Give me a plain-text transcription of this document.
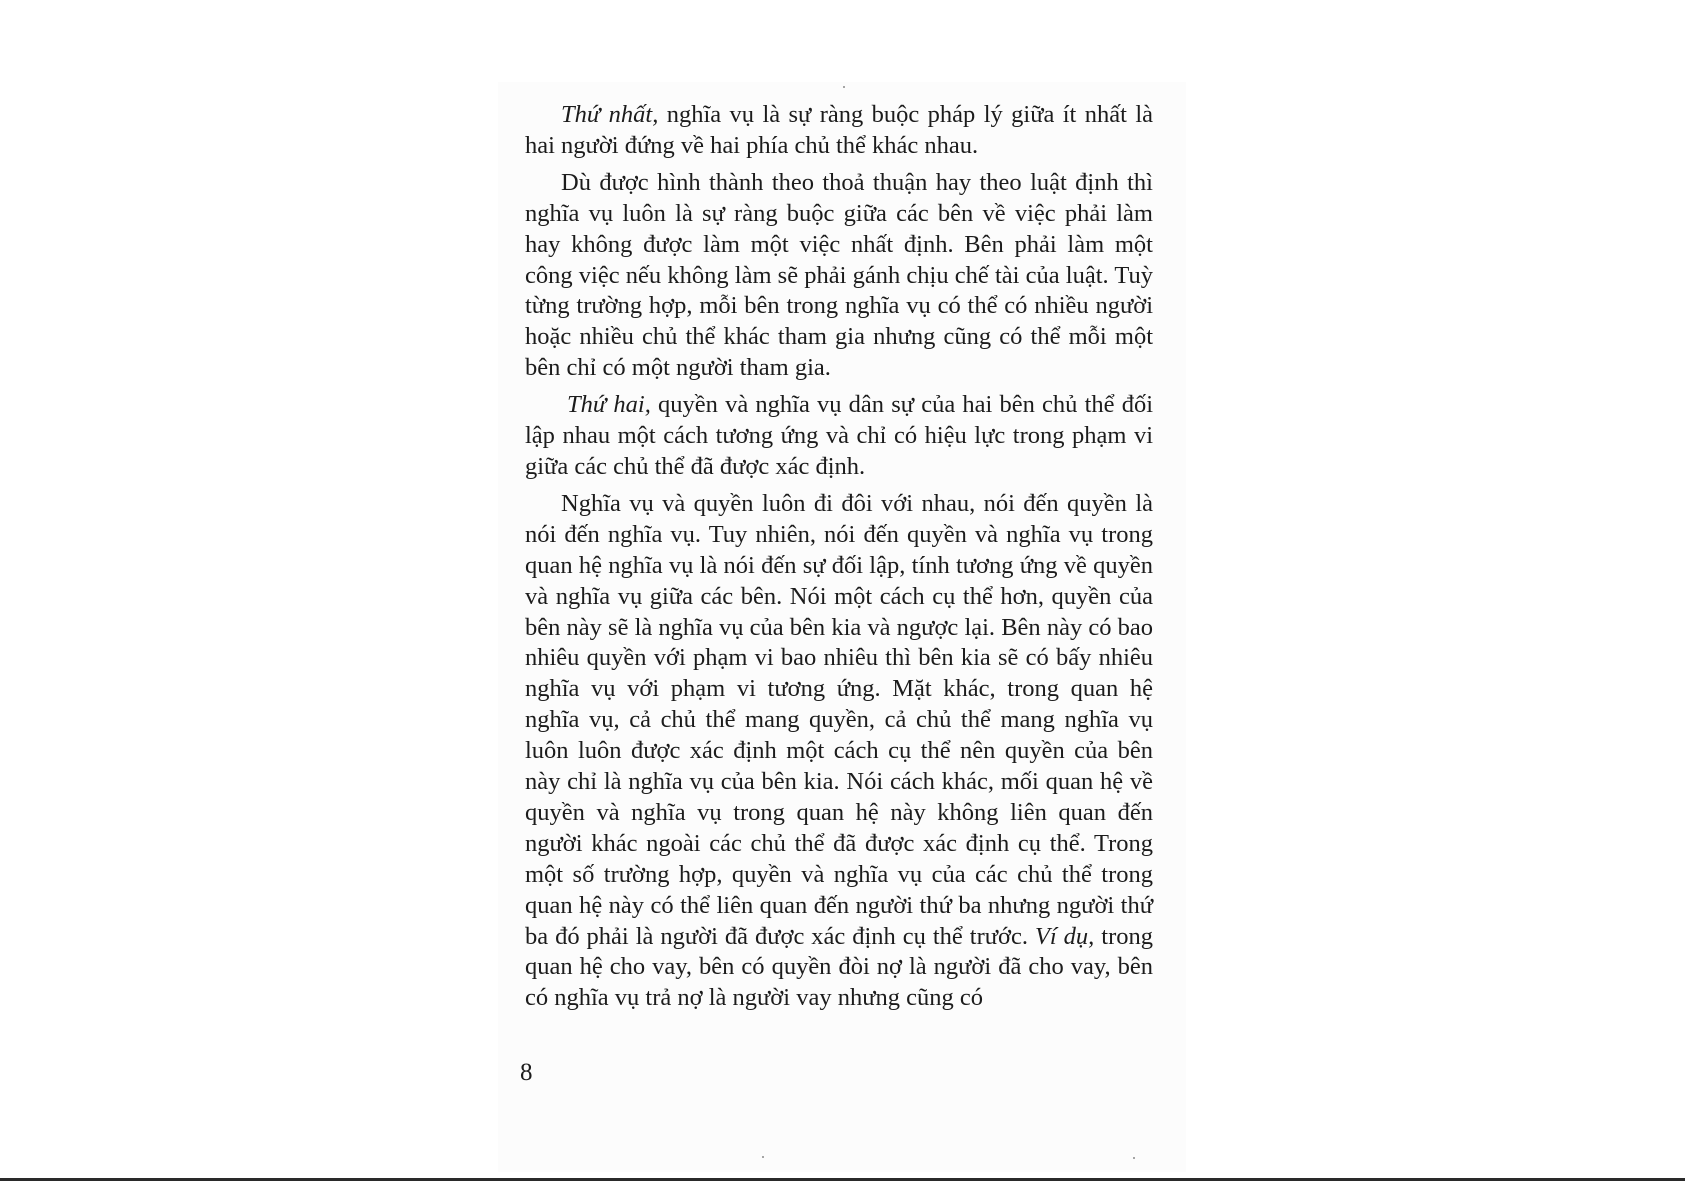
Thứ nhất, nghĩa vụ là sự ràng buộc pháp lý giữa ít nhất là hai người đứng về hai phía chủ thể khác nhau.

Dù được hình thành theo thoả thuận hay theo luật định thì nghĩa vụ luôn là sự ràng buộc giữa các bên về việc phải làm hay không được làm một việc nhất định. Bên phải làm một công việc nếu không làm sẽ phải gánh chịu chế tài của luật. Tuỳ từng trường hợp, mỗi bên trong nghĩa vụ có thể có nhiều người hoặc nhiều chủ thể khác tham gia nhưng cũng có thể mỗi một bên chỉ có một người tham gia.

Thứ hai, quyền và nghĩa vụ dân sự của hai bên chủ thể đối lập nhau một cách tương ứng và chỉ có hiệu lực trong phạm vi giữa các chủ thể đã được xác định.

Nghĩa vụ và quyền luôn đi đôi với nhau, nói đến quyền là nói đến nghĩa vụ. Tuy nhiên, nói đến quyền và nghĩa vụ trong quan hệ nghĩa vụ là nói đến sự đối lập, tính tương ứng về quyền và nghĩa vụ giữa các bên. Nói một cách cụ thể hơn, quyền của bên này sẽ là nghĩa vụ của bên kia và ngược lại. Bên này có bao nhiêu quyền với phạm vi bao nhiêu thì bên kia sẽ có bấy nhiêu nghĩa vụ với phạm vi tương ứng. Mặt khác, trong quan hệ nghĩa vụ, cả chủ thể mang quyền, cả chủ thể mang nghĩa vụ luôn luôn được xác định một cách cụ thể nên quyền của bên này chỉ là nghĩa vụ của bên kia. Nói cách khác, mối quan hệ về quyền và nghĩa vụ trong quan hệ này không liên quan đến người khác ngoài các chủ thể đã được xác định cụ thể. Trong một số trường hợp, quyền và nghĩa vụ của các chủ thể trong quan hệ này có thể liên quan đến người thứ ba nhưng người thứ ba đó phải là người đã được xác định cụ thể trước. Ví dụ, trong quan hệ cho vay, bên có quyền đòi nợ là người đã cho vay, bên có nghĩa vụ trả nợ là người vay nhưng cũng có

8
